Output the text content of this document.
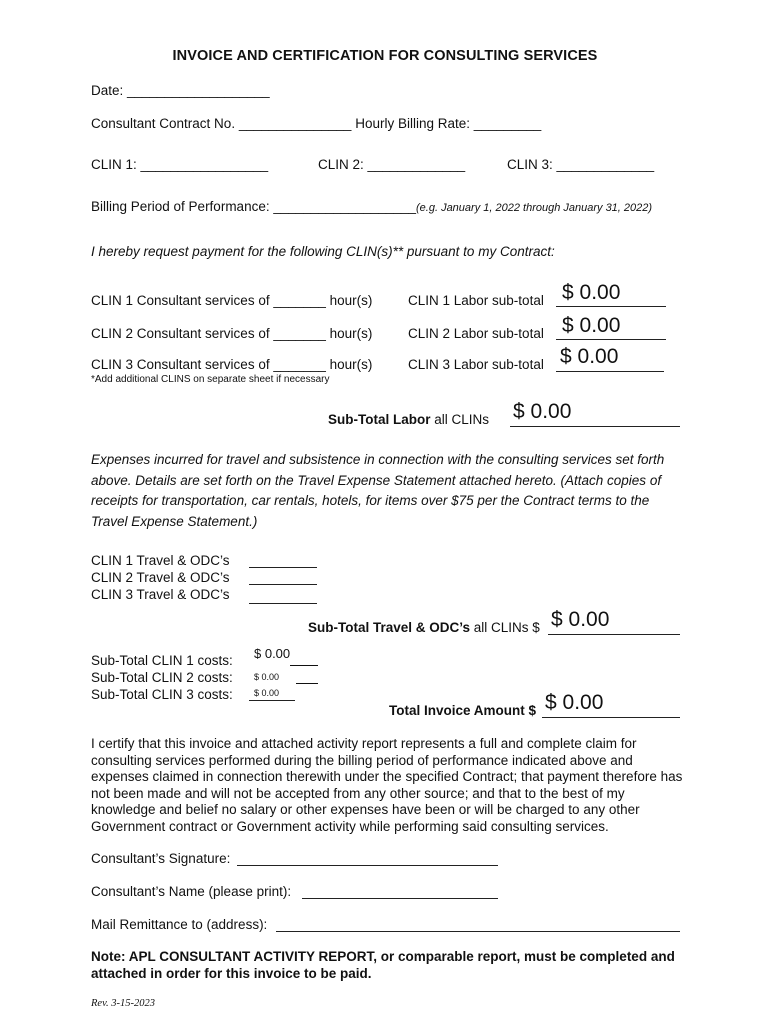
INVOICE AND CERTIFICATION FOR CONSULTING SERVICES
Date: ___________________
Consultant Contract No. _______________ Hourly Billing Rate: _________
CLIN 1: _________________	CLIN 2: _____________	CLIN 3: _____________
Billing Period of Performance: ___________________(e.g. January 1, 2022 through January 31, 2022)
I hereby request payment for the following CLIN(s)** pursuant to my Contract:
CLIN 1 Consultant services of _______ hour(s)	CLIN 1 Labor sub-total $ 0.00
CLIN 2 Consultant services of _______ hour(s)	CLIN 2 Labor sub-total $ 0.00
CLIN 3 Consultant services of _______ hour(s)	CLIN 3 Labor sub-total $ 0.00
*Add additional CLINS on separate sheet if necessary
Sub-Total Labor all CLINs $ 0.00
Expenses incurred for travel and subsistence in connection with the consulting services set forth above. Details are set forth on the Travel Expense Statement attached hereto. (Attach copies of receipts for transportation, car rentals, hotels, for items over $75 per the Contract terms to the Travel Expense Statement.)
CLIN 1 Travel & ODC’s
CLIN 2 Travel & ODC’s
CLIN 3 Travel & ODC’s
Sub-Total Travel & ODC’s all CLINs $ $ 0.00
Sub-Total CLIN 1 costs: $ 0.00
Sub-Total CLIN 2 costs: $ 0.00
Sub-Total CLIN 3 costs: $ 0.00
Total Invoice Amount $ $ 0.00
I certify that this invoice and attached activity report represents a full and complete claim for consulting services performed during the billing period of performance indicated above and expenses claimed in connection therewith under the specified Contract; that payment therefore has not been made and will not be accepted from any other source; and that to the best of my knowledge and belief no salary or other expenses have been or will be charged to any other Government contract or Government activity while performing said consulting services.
Consultant’s Signature:
Consultant’s Name (please print):
Mail Remittance to (address):
Note: APL CONSULTANT ACTIVITY REPORT, or comparable report, must be completed and attached in order for this invoice to be paid.
Rev. 3-15-2023
